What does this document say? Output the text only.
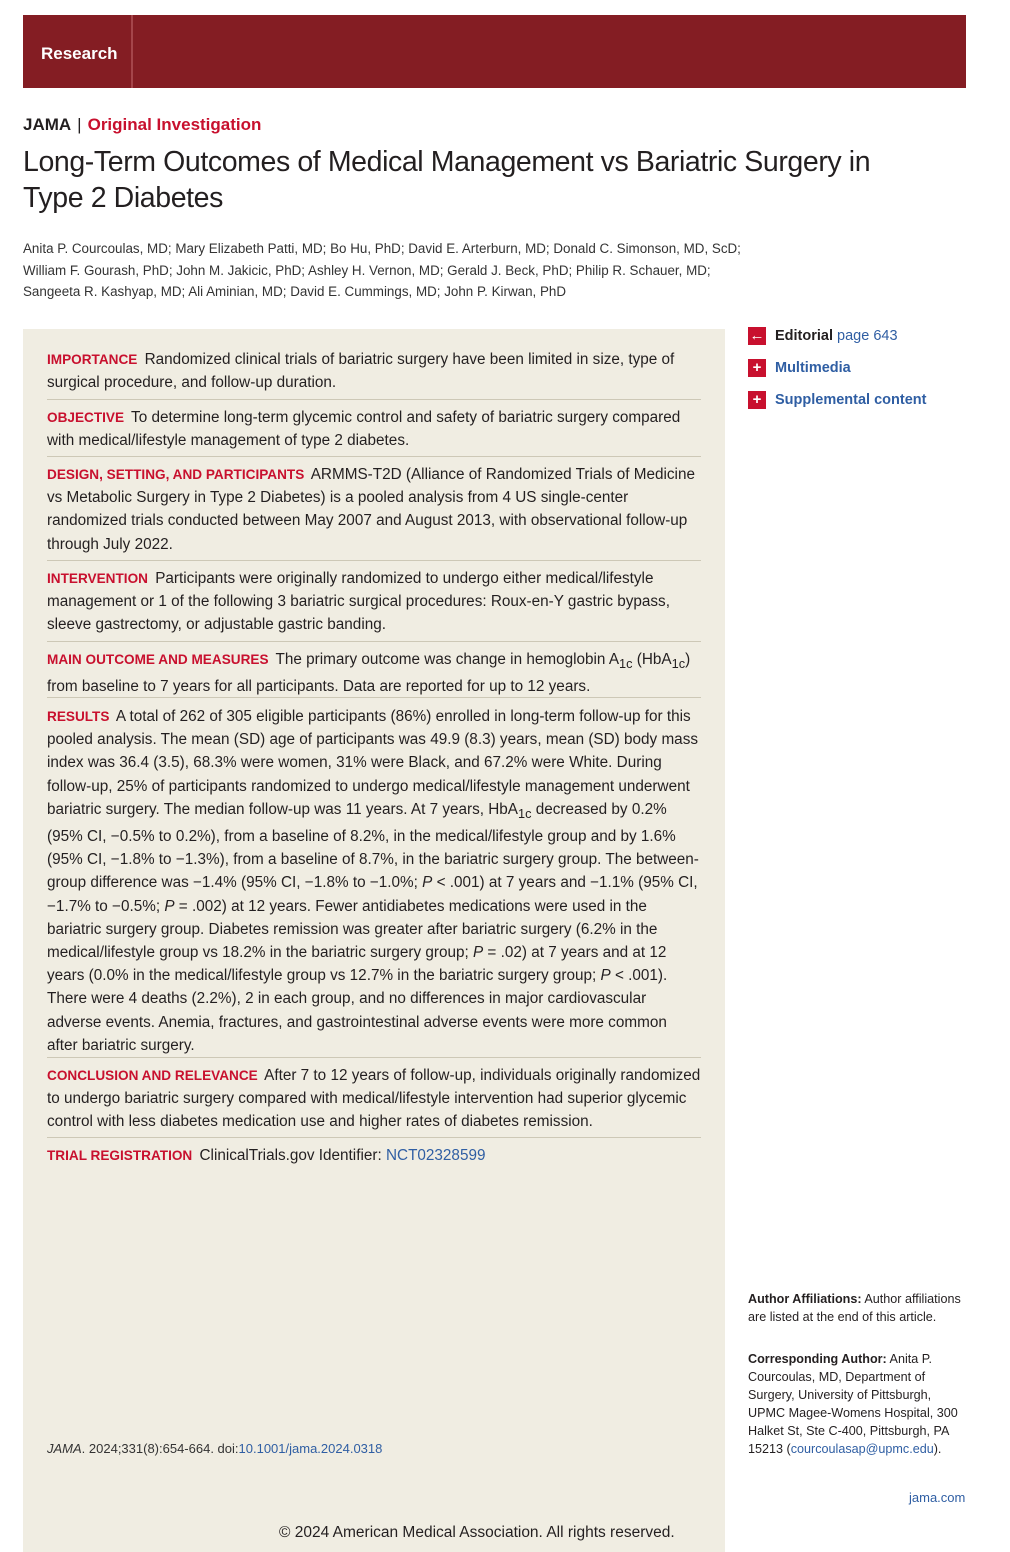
Research
JAMA | Original Investigation
Long-Term Outcomes of Medical Management vs Bariatric Surgery in Type 2 Diabetes
Anita P. Courcoulas, MD; Mary Elizabeth Patti, MD; Bo Hu, PhD; David E. Arterburn, MD; Donald C. Simonson, MD, ScD;
William F. Gourash, PhD; John M. Jakicic, PhD; Ashley H. Vernon, MD; Gerald J. Beck, PhD; Philip R. Schauer, MD;
Sangeeta R. Kashyap, MD; Ali Aminian, MD; David E. Cummings, MD; John P. Kirwan, PhD
IMPORTANCE Randomized clinical trials of bariatric surgery have been limited in size, type of surgical procedure, and follow-up duration.
OBJECTIVE To determine long-term glycemic control and safety of bariatric surgery compared with medical/lifestyle management of type 2 diabetes.
DESIGN, SETTING, AND PARTICIPANTS ARMMS-T2D (Alliance of Randomized Trials of Medicine vs Metabolic Surgery in Type 2 Diabetes) is a pooled analysis from 4 US single-center randomized trials conducted between May 2007 and August 2013, with observational follow-up through July 2022.
INTERVENTION Participants were originally randomized to undergo either medical/lifestyle management or 1 of the following 3 bariatric surgical procedures: Roux-en-Y gastric bypass, sleeve gastrectomy, or adjustable gastric banding.
MAIN OUTCOME AND MEASURES The primary outcome was change in hemoglobin $A_{1c}$ (HbA$_{1c}$) from baseline to 7 years for all participants. Data are reported for up to 12 years.
RESULTS A total of 262 of 305 eligible participants (86%) enrolled in long-term follow-up for this pooled analysis. The mean (SD) age of participants was 49.9 (8.3) years, mean (SD) body mass index was 36.4 (3.5), 68.3% were women, 31% were Black, and 67.2% were White. During follow-up, 25% of participants randomized to undergo medical/lifestyle management underwent bariatric surgery. The median follow-up was 11 years. At 7 years, HbA$_{1c}$ decreased by 0.2% (95% CI, −0.5% to 0.2%), from a baseline of 8.2%, in the medical/lifestyle group and by 1.6% (95% CI, −1.8% to −1.3%), from a baseline of 8.7%, in the bariatric surgery group. The between-group difference was −1.4% (95% CI, −1.8% to −1.0%; P < .001) at 7 years and −1.1% (95% CI, −1.7% to −0.5%; P = .002) at 12 years. Fewer antidiabetes medications were used in the bariatric surgery group. Diabetes remission was greater after bariatric surgery (6.2% in the medical/lifestyle group vs 18.2% in the bariatric surgery group; P = .02) at 7 years and at 12 years (0.0% in the medical/lifestyle group vs 12.7% in the bariatric surgery group; P < .001). There were 4 deaths (2.2%), 2 in each group, and no differences in major cardiovascular adverse events. Anemia, fractures, and gastrointestinal adverse events were more common after bariatric surgery.
CONCLUSION AND RELEVANCE After 7 to 12 years of follow-up, individuals originally randomized to undergo bariatric surgery compared with medical/lifestyle intervention had superior glycemic control with less diabetes medication use and higher rates of diabetes remission.
TRIAL REGISTRATION ClinicalTrials.gov Identifier: NCT02328599
JAMA. 2024;331(8):654-664. doi:10.1001/jama.2024.0318
© 2024 American Medical Association. All rights reserved.
← Editorial page 643
+ Multimedia
+ Supplemental content
Author Affiliations: Author affiliations are listed at the end of this article.
Corresponding Author: Anita P. Courcoulas, MD, Department of Surgery, University of Pittsburgh, UPMC Magee-Womens Hospital, 300 Halket St, Ste C-400, Pittsburgh, PA 15213 (courcoulasap@upmc.edu).
jama.com
